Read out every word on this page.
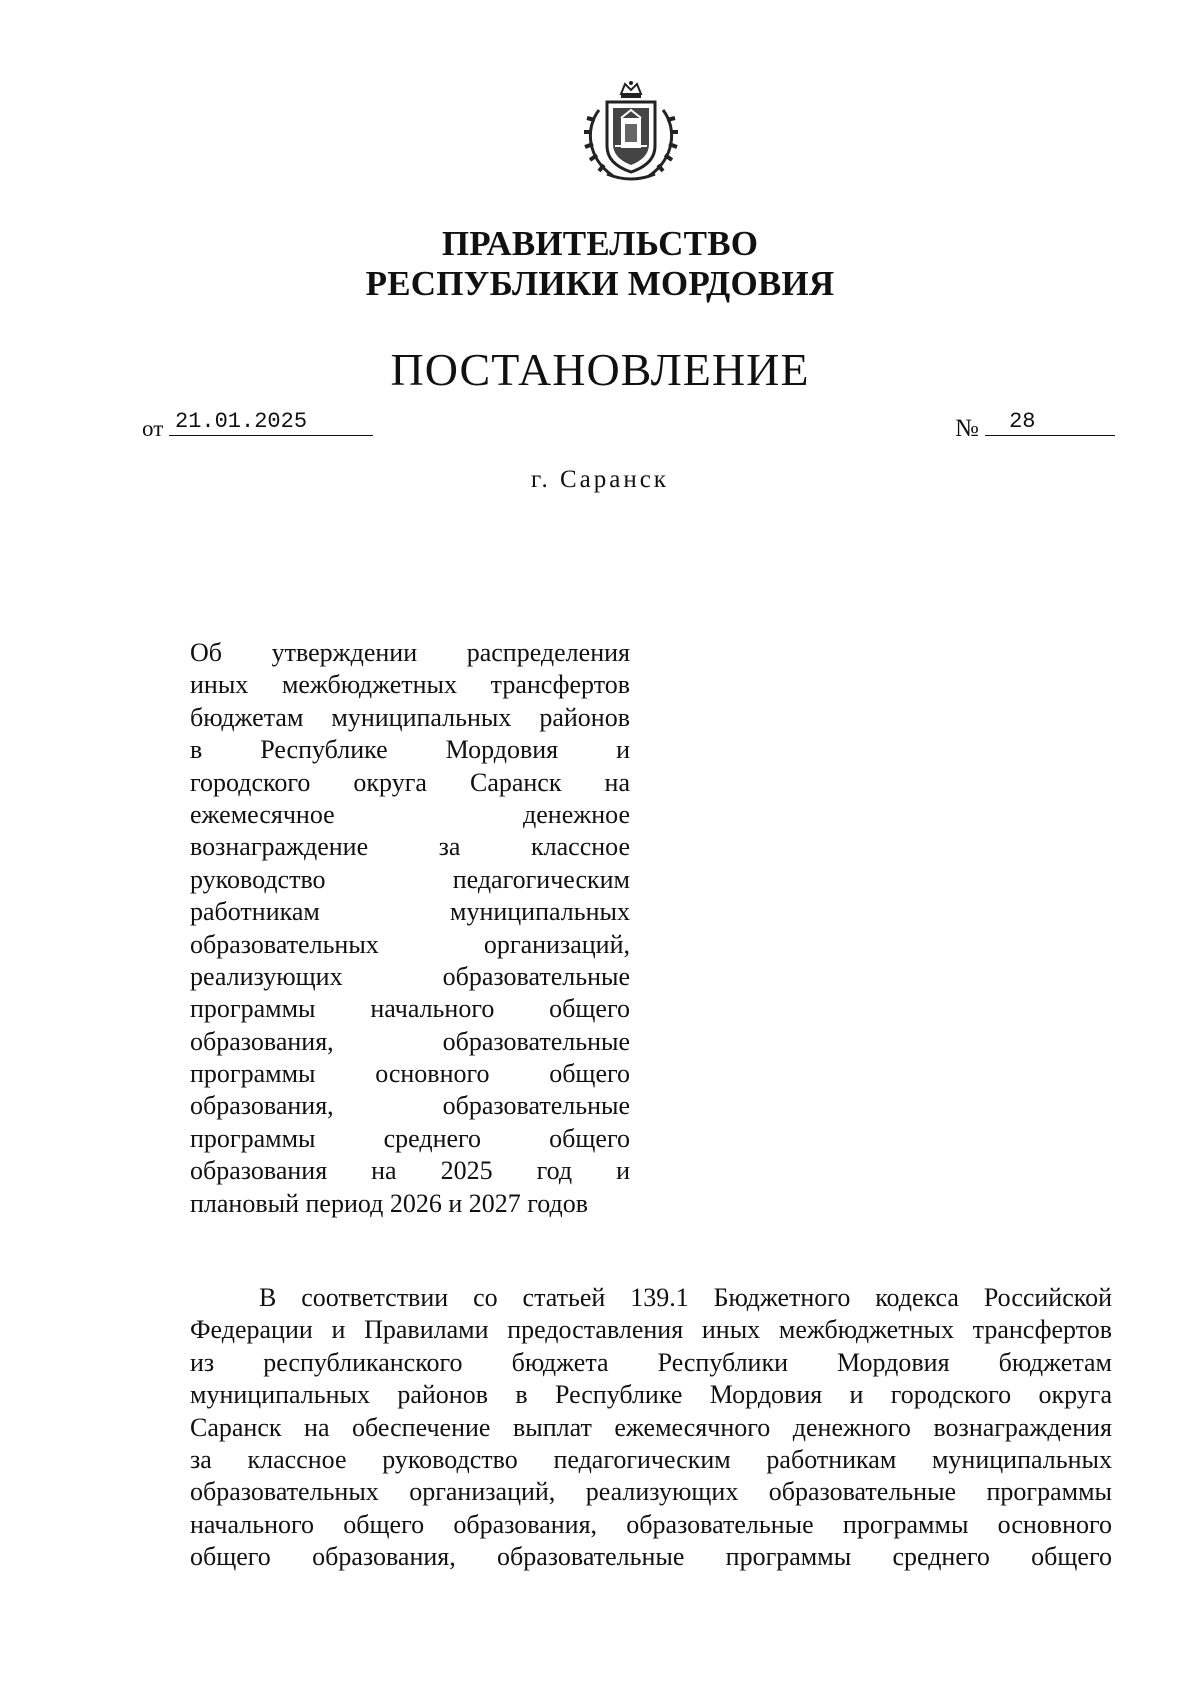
ПРАВИТЕЛЬСТВО
РЕСПУБЛИКИ МОРДОВИЯ
ПОСТАНОВЛЕНИЕ
от 21.01.2025	№ 28
г. Саранск
Об утверждении распределения
иных межбюджетных трансфертов
бюджетам муниципальных районов
в Республике Мордовия и
городского округа Саранск на
ежемесячное денежное
вознаграждение за классное
руководство педагогическим
работникам муниципальных
образовательных организаций,
реализующих образовательные
программы начального общего
образования, образовательные
программы основного общего
образования, образовательные
программы среднего общего
образования на 2025 год и
плановый период 2026 и 2027 годов
В соответствии со статьей 139.1 Бюджетного кодекса Российской
Федерации и Правилами предоставления иных межбюджетных трансфертов
из республиканского бюджета Республики Мордовия бюджетам
муниципальных районов в Республике Мордовия и городского округа
Саранск на обеспечение выплат ежемесячного денежного вознаграждения
за классное руководство педагогическим работникам муниципальных
образовательных организаций, реализующих образовательные программы
начального общего образования, образовательные программы основного
общего образования, образовательные программы среднего общего
